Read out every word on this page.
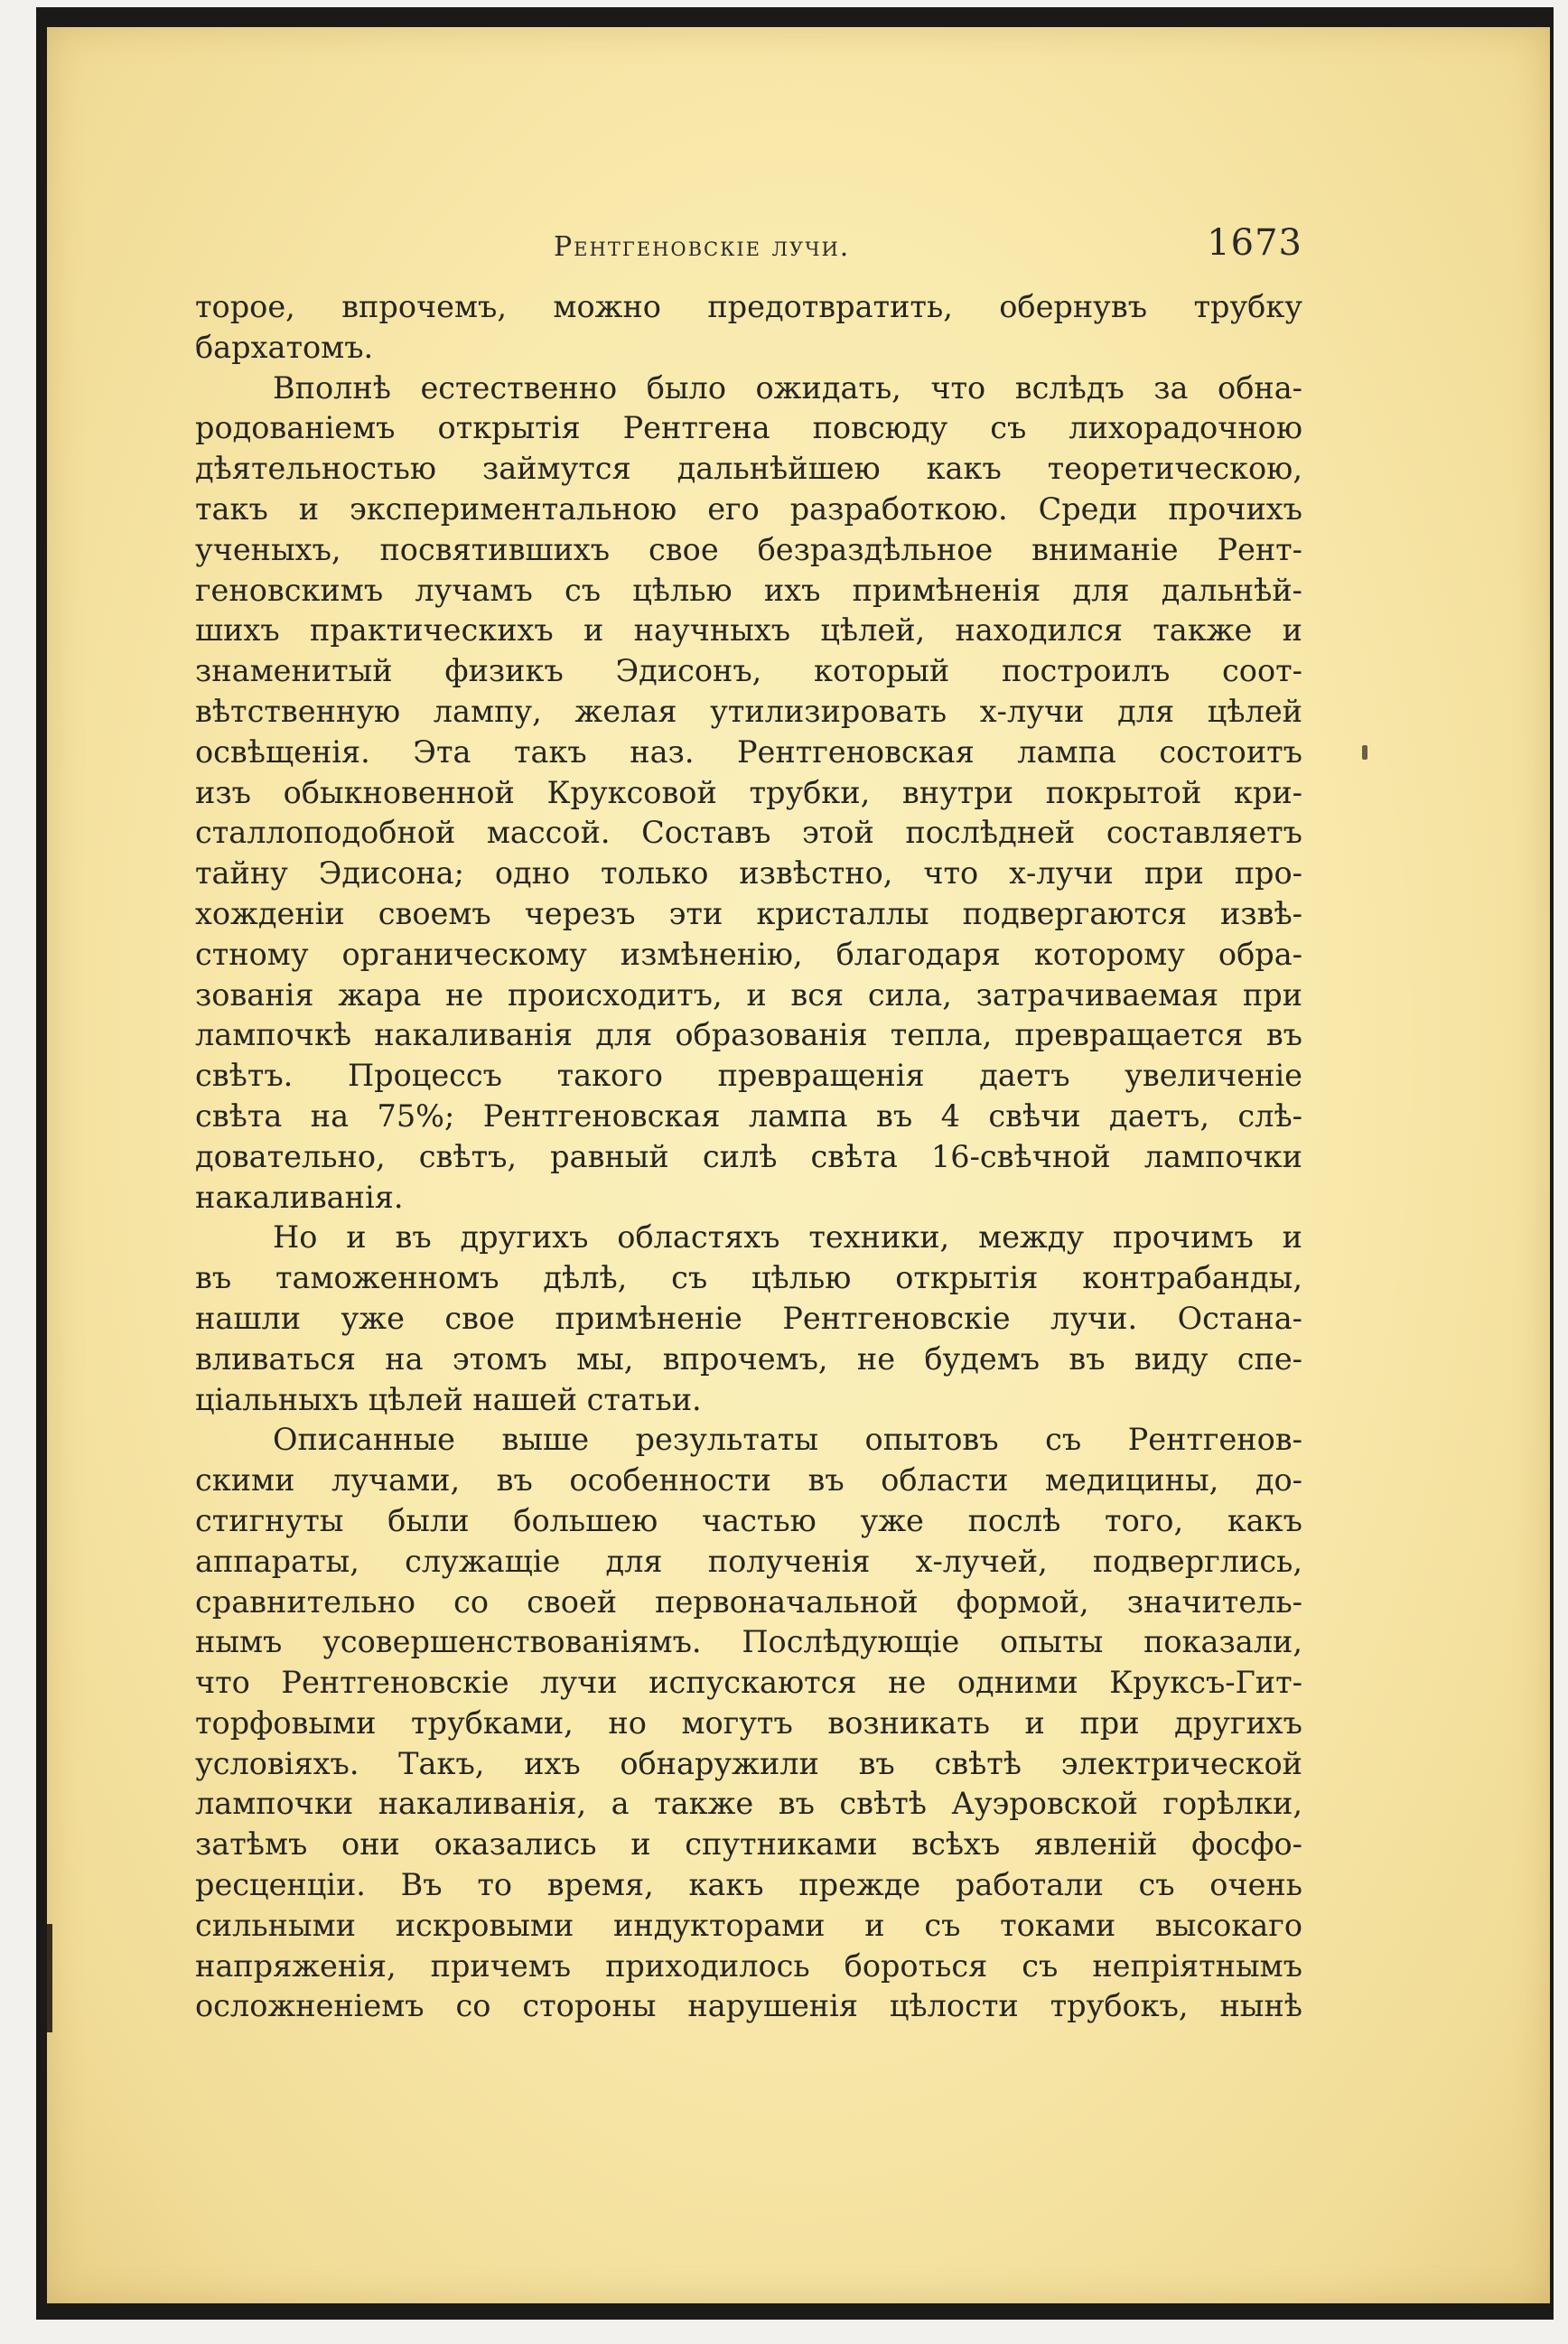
Рентгеновскіе лучи.	1673
торое, впрочемъ, можно предотвратить, обернувъ трубку
бархатомъ.
Вполнѣ естественно было ожидать, что вслѣдъ за обна-
родованіемъ открытія Рентгена повсюду съ лихорадочною
дѣятельностью займутся дальнѣйшею какъ теоретическою,
такъ и экспериментальною его разработкою. Среди прочихъ
ученыхъ, посвятившихъ свое безраздѣльное вниманіе Рент-
геновскимъ лучамъ съ цѣлью ихъ примѣненія для дальнѣй-
шихъ практическихъ и научныхъ цѣлей, находился также и
знаменитый физикъ Эдисонъ, который построилъ соот-
вѣтственную лампу, желая утилизировать х-лучи для цѣлей
освѣщенія. Эта такъ наз. Рентгеновская лампа состоитъ
изъ обыкновенной Круксовой трубки, внутри покрытой кри-
сталлоподобной массой. Составъ этой послѣдней составляетъ
тайну Эдисона; одно только извѣстно, что х-лучи при про-
хожденіи своемъ черезъ эти кристаллы подвергаются извѣ-
стному органическому измѣненію, благодаря которому обра-
зованія жара не происходитъ, и вся сила, затрачиваемая при
лампочкѣ накаливанія для образованія тепла, превращается въ
свѣтъ. Процессъ такого превращенія даетъ увеличеніе
свѣта на 75%; Рентгеновская лампа въ 4 свѣчи даетъ, слѣ-
довательно, свѣтъ, равный силѣ свѣта 16-свѣчной лампочки
накаливанія.
Но и въ другихъ областяхъ техники, между прочимъ и
въ таможенномъ дѣлѣ, съ цѣлью открытія контрабанды,
нашли уже свое примѣненіе Рентгеновскіе лучи. Остана-
вливаться на этомъ мы, впрочемъ, не будемъ въ виду спе-
ціальныхъ цѣлей нашей статьи.
Описанные выше результаты опытовъ съ Рентгенов-
скими лучами, въ особенности въ области медицины, до-
стигнуты были большею частью уже послѣ того, какъ
аппараты, служащіе для полученія х-лучей, подверглись,
сравнительно со своей первоначальной формой, значитель-
нымъ усовершенствованіямъ. Послѣдующіе опыты показали,
что Рентгеновскіе лучи испускаются не одними Круксъ-Гит-
торфовыми трубками, но могутъ возникать и при другихъ
условіяхъ. Такъ, ихъ обнаружили въ свѣтѣ электрической
лампочки накаливанія, а также въ свѣтѣ Ауэровской горѣлки,
затѣмъ они оказались и спутниками всѣхъ явленій фосфо-
ресценціи. Въ то время, какъ прежде работали съ очень
сильными искровыми индукторами и съ токами высокаго
напряженія, причемъ приходилось бороться съ непріятнымъ
осложненіемъ со стороны нарушенія цѣлости трубокъ, нынѣ
